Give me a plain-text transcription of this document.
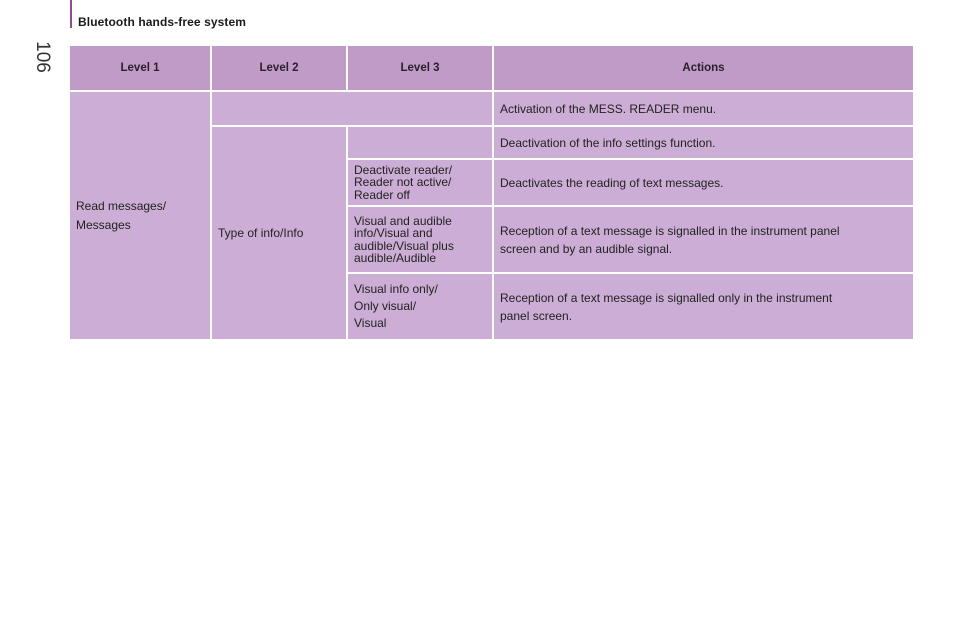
Bluetooth hands-free system
106	Level 1	Level 2	Level 3	Actions

Read messages/
Messages			Activation of the MESS. READER menu.
	Type of info/Info		Deactivation of the info settings function.

		Deactivate reader/
Reader not active/
Reader off	Deactivates the reading of text messages.

		Visual and audible
info/Visual and
audible/Visual plus
audible/Audible	Reception of a text message is signalled in the instrument panel
screen and by an audible signal.

		Visual info only/
Only visual/
Visual	Reception of a text message is signalled only in the instrument
panel screen.
